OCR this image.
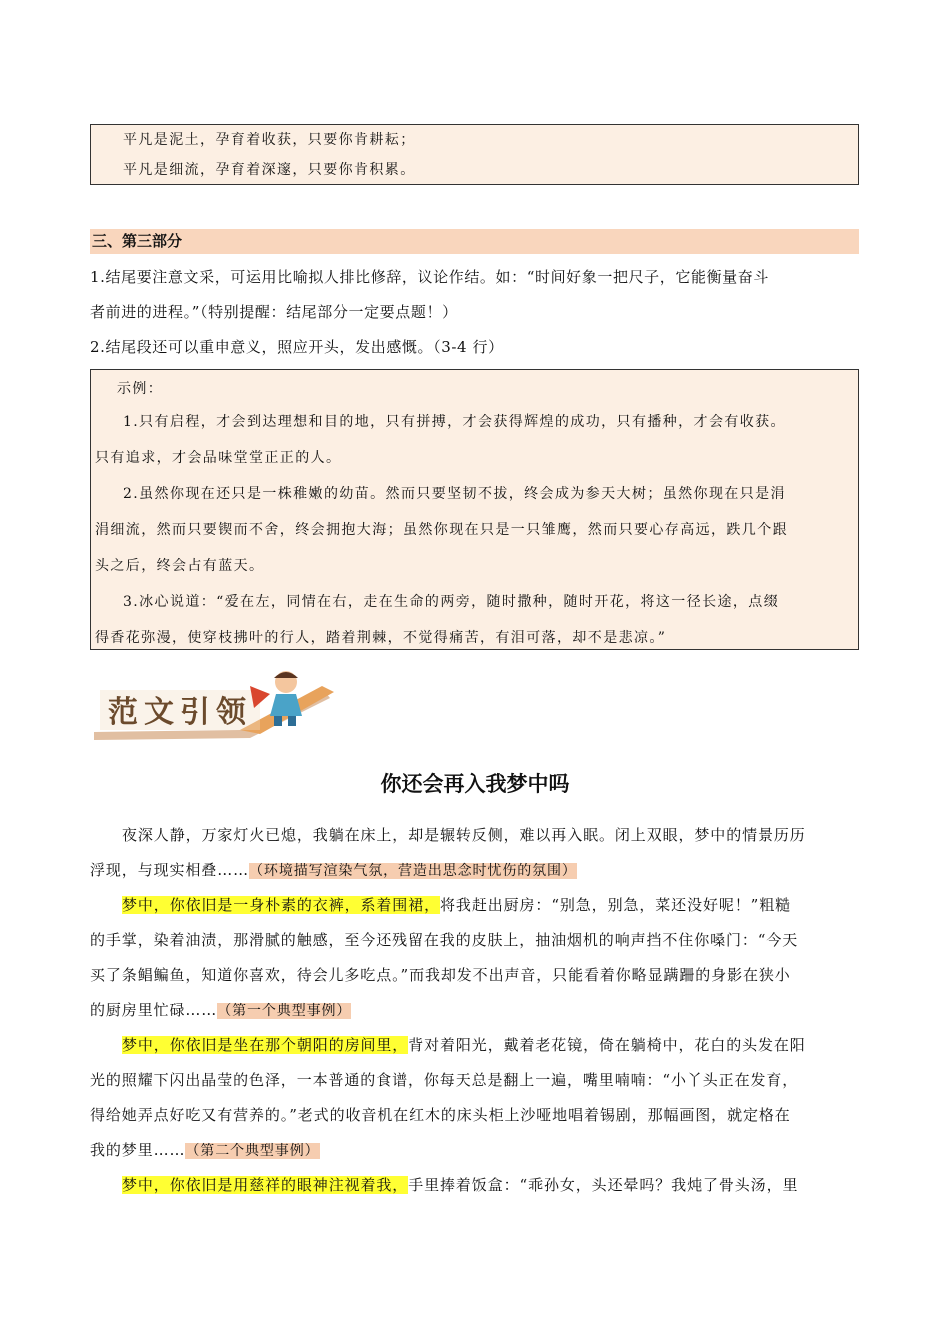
平凡是泥土，孕育着收获，只要你肯耕耘；
平凡是细流，孕育着深邃，只要你肯积累。
三、第三部分
1.结尾要注意文采，可运用比喻拟人排比修辞，议论作结。如：“时间好象一把尺子，它能衡量奋斗
者前进的进程。”（特别提醒：结尾部分一定要点题！）
2.结尾段还可以重申意义，照应开头，发出感慨。（3-4 行）
示例：
1.只有启程，才会到达理想和目的地，只有拼搏，才会获得辉煌的成功，只有播种，才会有收获。
只有追求，才会品味堂堂正正的人。
2.虽然你现在还只是一株稚嫩的幼苗。然而只要坚韧不拔，终会成为参天大树；虽然你现在只是涓
涓细流，然而只要锲而不舍，终会拥抱大海；虽然你现在只是一只雏鹰，然而只要心存高远，跌几个跟
头之后，终会占有蓝天。
3.冰心说道：“爱在左，同情在右，走在生命的两旁，随时撒种，随时开花，将这一径长途，点缀
得香花弥漫，使穿枝拂叶的行人，踏着荆棘，不觉得痛苦，有泪可落，却不是悲凉。”
范文引领
你还会再入我梦中吗
夜深人静，万家灯火已熄，我躺在床上，却是辗转反侧，难以再入眠。闭上双眼，梦中的情景历历
浮现，与现实相叠……（环境描写渲染气氛，营造出思念时忧伤的氛围）
梦中，你依旧是一身朴素的衣裤，系着围裙，将我赶出厨房：“别急，别急，菜还没好呢！”粗糙
的手掌，染着油渍，那滑腻的触感，至今还残留在我的皮肤上，抽油烟机的响声挡不住你嗓门：“今天
买了条鲳鳊鱼，知道你喜欢，待会儿多吃点。”而我却发不出声音，只能看着你略显蹒跚的身影在狭小
的厨房里忙碌……（第一个典型事例）
梦中，你依旧是坐在那个朝阳的房间里，背对着阳光，戴着老花镜，倚在躺椅中，花白的头发在阳
光的照耀下闪出晶莹的色泽，一本普通的食谱，你每天总是翻上一遍，嘴里喃喃：“小丫头正在发育，
得给她弄点好吃又有营养的。”老式的收音机在红木的床头柜上沙哑地唱着锡剧，那幅画图，就定格在
我的梦里……（第二个典型事例）
梦中，你依旧是用慈祥的眼神注视着我，手里捧着饭盒：“乖孙女，头还晕吗？我炖了骨头汤，里
